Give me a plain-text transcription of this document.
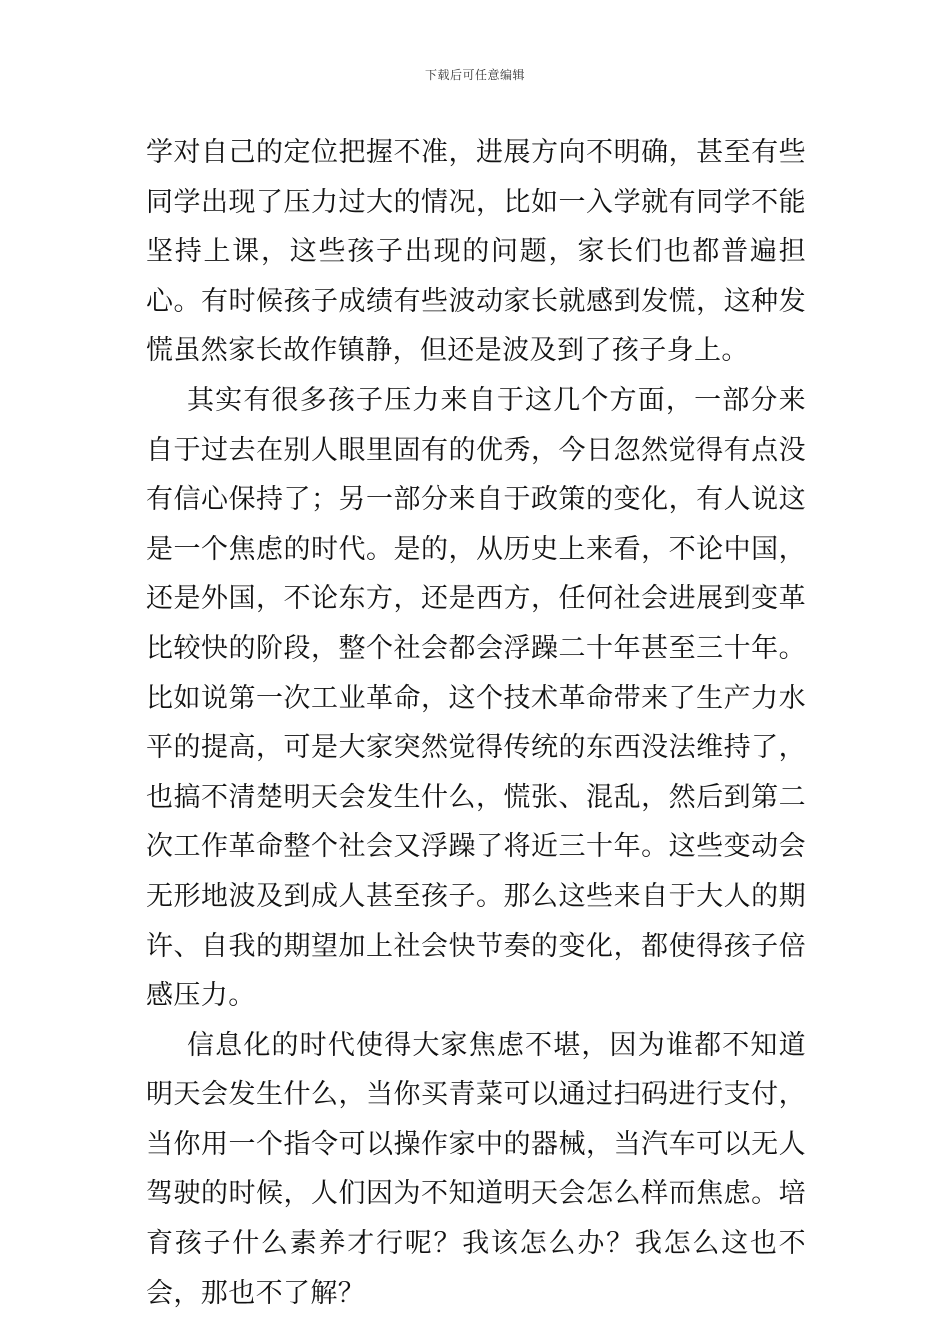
下载后可任意编辑

学对自己的定位把握不准，进展方向不明确，甚至有些同学出现了压力过大的情况，比如一入学就有同学不能坚持上课，这些孩子出现的问题，家长们也都普遍担心。有时候孩子成绩有些波动家长就感到发慌，这种发慌虽然家长故作镇静，但还是波及到了孩子身上。

其实有很多孩子压力来自于这几个方面，一部分来自于过去在别人眼里固有的优秀，今日忽然觉得有点没有信心保持了；另一部分来自于政策的变化，有人说这是一个焦虑的时代。是的，从历史上来看，不论中国，还是外国，不论东方，还是西方，任何社会进展到变革比较快的阶段，整个社会都会浮躁二十年甚至三十年。比如说第一次工业革命，这个技术革命带来了生产力水平的提高，可是大家突然觉得传统的东西没法维持了，也搞不清楚明天会发生什么，慌张、混乱，然后到第二次工作革命整个社会又浮躁了将近三十年。这些变动会无形地波及到成人甚至孩子。那么这些来自于大人的期许、自我的期望加上社会快节奏的变化，都使得孩子倍感压力。

信息化的时代使得大家焦虑不堪，因为谁都不知道明天会发生什么，当你买青菜可以通过扫码进行支付，当你用一个指令可以操作家中的器械，当汽车可以无人驾驶的时候，人们因为不知道明天会怎么样而焦虑。培育孩子什么素养才行呢？我该怎么办？我怎么这也不会，那也不了解？
